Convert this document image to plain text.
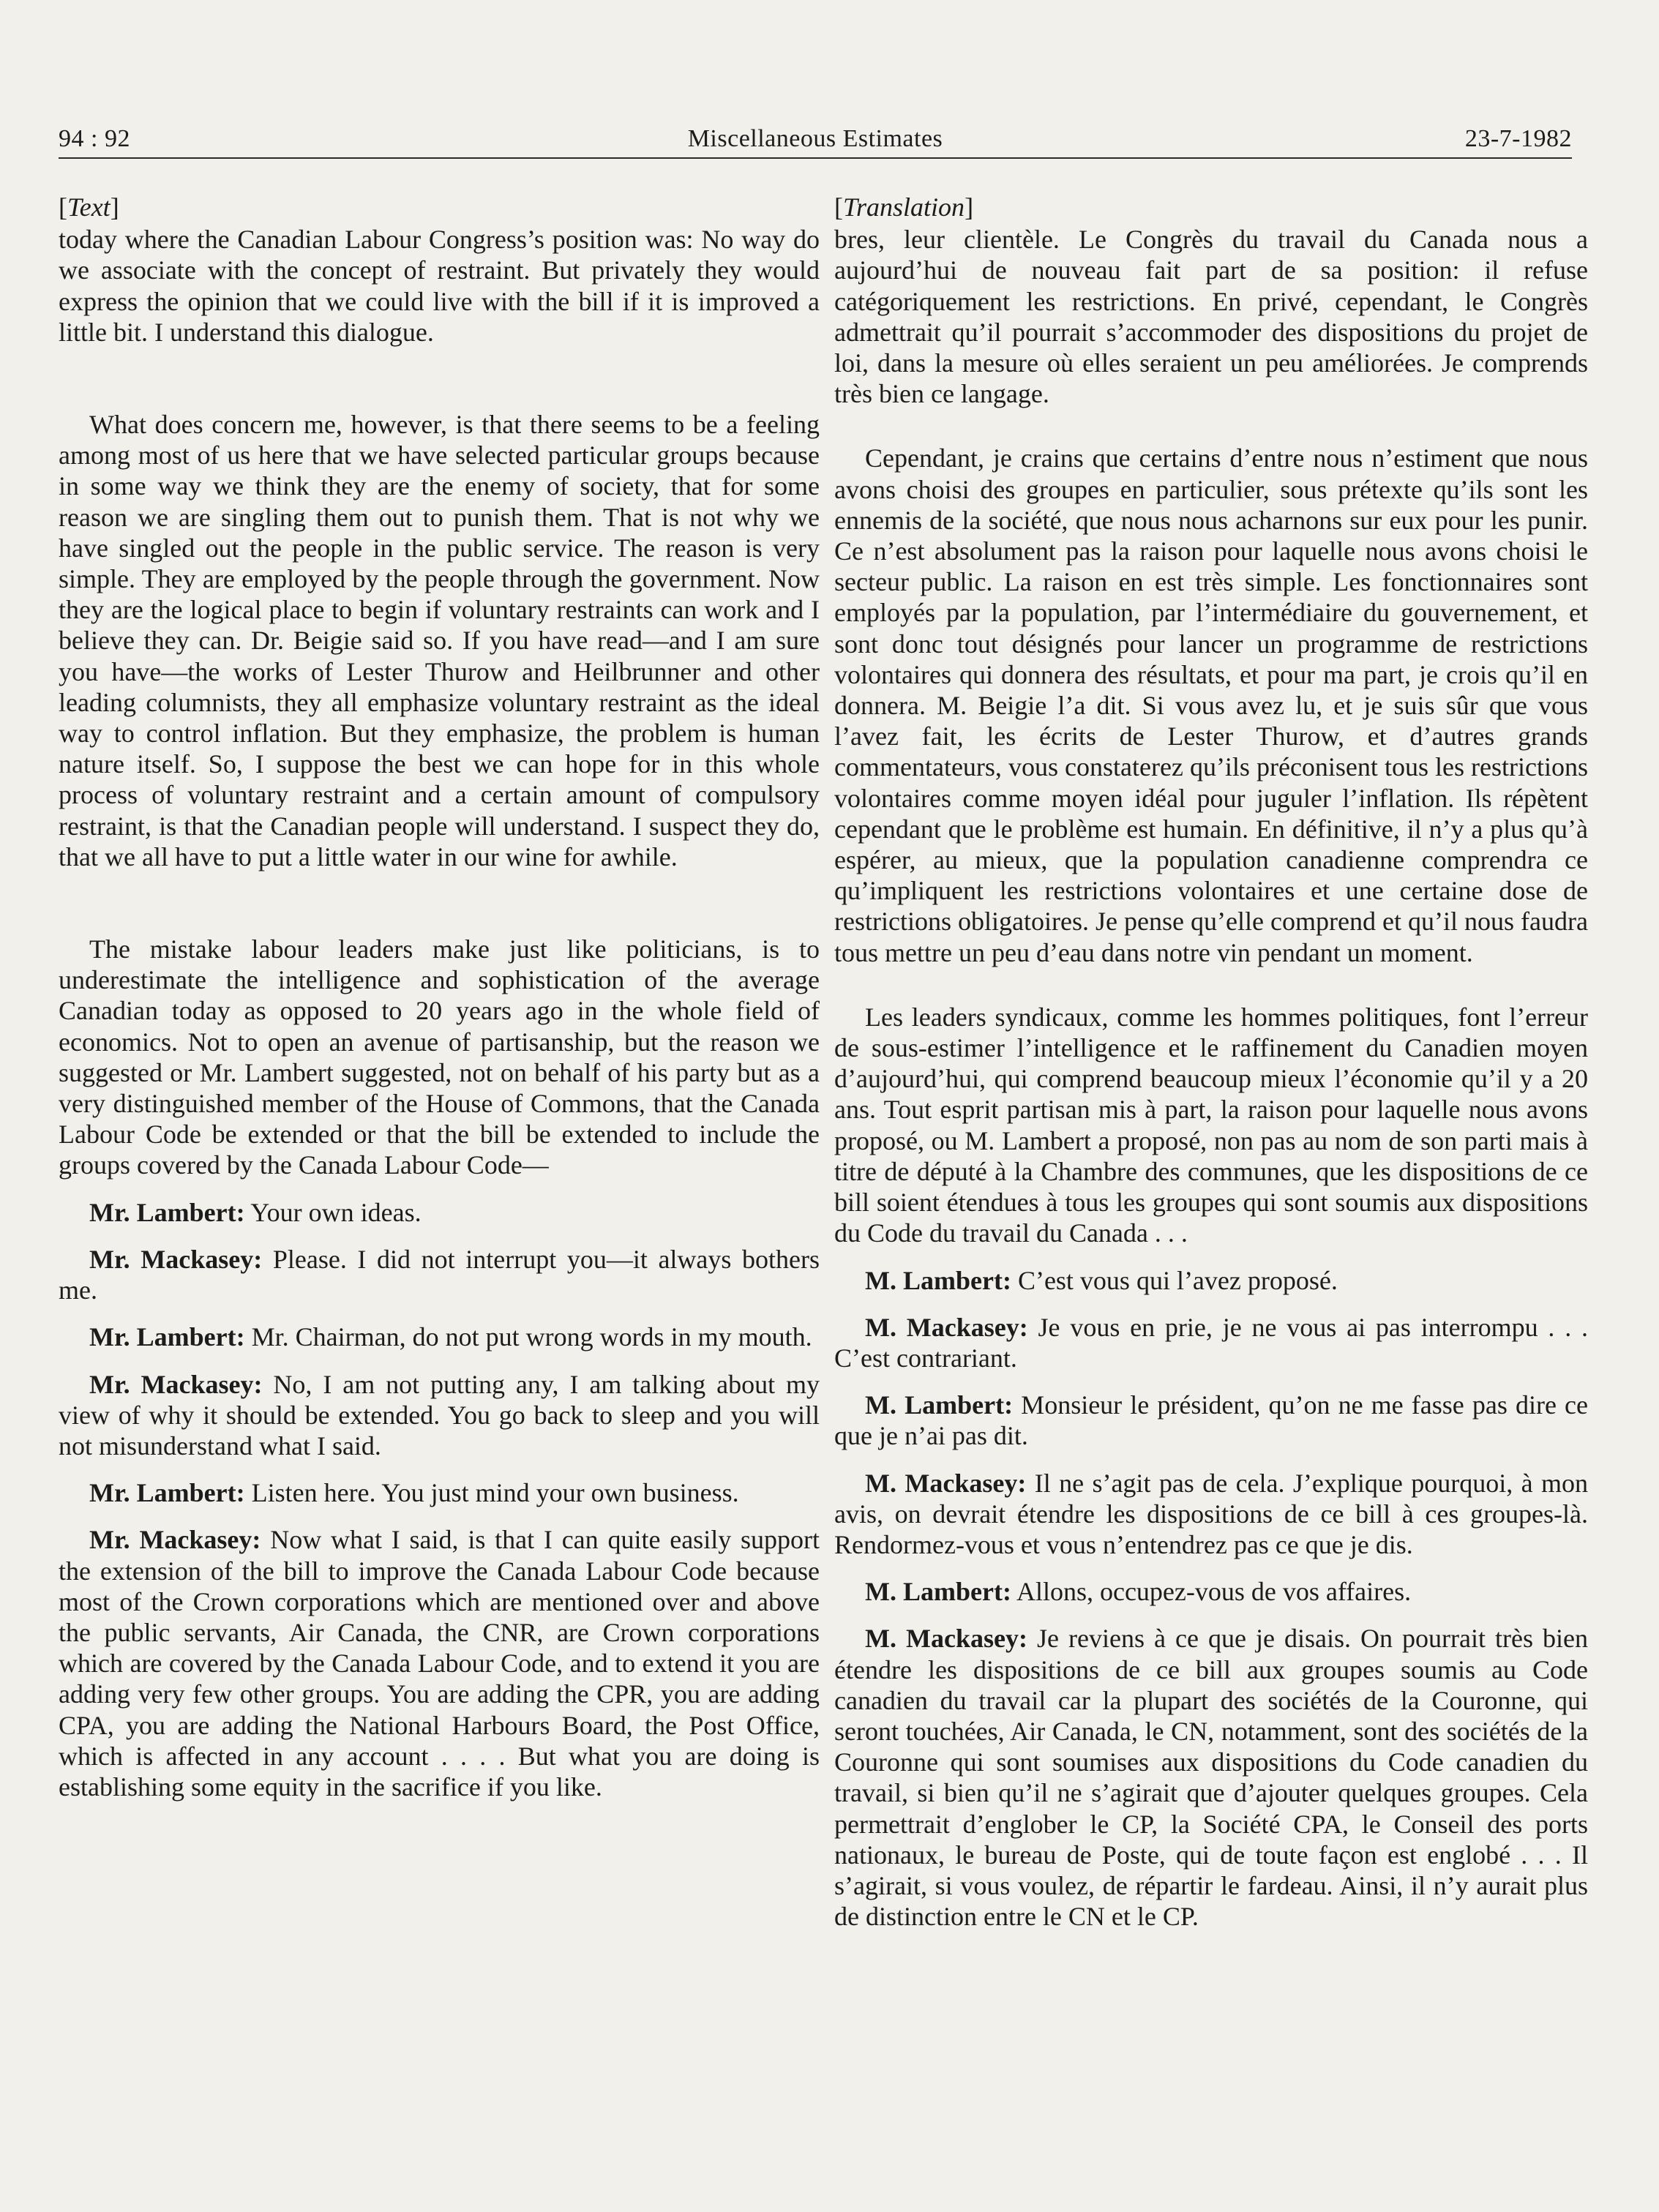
94 : 92	Miscellaneous Estimates	23-7-1982

[Text]

today where the Canadian Labour Congress’s position was: No way do we associate with the concept of restraint. But privately they would express the opinion that we could live with the bill if it is improved a little bit. I understand this dialogue.

What does concern me, however, is that there seems to be a feeling among most of us here that we have selected particular groups because in some way we think they are the enemy of society, that for some reason we are singling them out to punish them. That is not why we have singled out the people in the public service. The reason is very simple. They are employed by the people through the government. Now they are the logical place to begin if voluntary restraints can work and I believe they can. Dr. Beigie said so. If you have read—and I am sure you have—the works of Lester Thurow and Heilbrunner and other leading columnists, they all emphasize voluntary restraint as the ideal way to control inflation. But they emphasize, the problem is human nature itself. So, I suppose the best we can hope for in this whole process of voluntary restraint and a certain amount of compulsory restraint, is that the Canadian people will understand. I suspect they do, that we all have to put a little water in our wine for awhile.

The mistake labour leaders make just like politicians, is to underestimate the intelligence and sophistication of the average Canadian today as opposed to 20 years ago in the whole field of economics. Not to open an avenue of partisanship, but the reason we suggested or Mr. Lambert suggested, not on behalf of his party but as a very distinguished member of the House of Commons, that the Canada Labour Code be extended or that the bill be extended to include the groups covered by the Canada Labour Code—

Mr. Lambert: Your own ideas.

Mr. Mackasey: Please. I did not interrupt you—it always bothers me.

Mr. Lambert: Mr. Chairman, do not put wrong words in my mouth.

Mr. Mackasey: No, I am not putting any, I am talking about my view of why it should be extended. You go back to sleep and you will not misunderstand what I said.

Mr. Lambert: Listen here. You just mind your own business.

Mr. Mackasey: Now what I said, is that I can quite easily support the extension of the bill to improve the Canada Labour Code because most of the Crown corporations which are mentioned over and above the public servants, Air Canada, the CNR, are Crown corporations which are covered by the Canada Labour Code, and to extend it you are adding very few other groups. You are adding the CPR, you are adding CPA, you are adding the National Harbours Board, the Post Office, which is affected in any account . . . . But what you are doing is establishing some equity in the sacrifice if you like.

[Translation]

bres, leur clientèle. Le Congrès du travail du Canada nous a aujourd’hui de nouveau fait part de sa position: il refuse catégoriquement les restrictions. En privé, cependant, le Congrès admettrait qu’il pourrait s’accommoder des dispositions du projet de loi, dans la mesure où elles seraient un peu améliorées. Je comprends très bien ce langage.

Cependant, je crains que certains d’entre nous n’estiment que nous avons choisi des groupes en particulier, sous prétexte qu’ils sont les ennemis de la société, que nous nous acharnons sur eux pour les punir. Ce n’est absolument pas la raison pour laquelle nous avons choisi le secteur public. La raison en est très simple. Les fonctionnaires sont employés par la population, par l’intermédiaire du gouvernement, et sont donc tout désignés pour lancer un programme de restrictions volontaires qui donnera des résultats, et pour ma part, je crois qu’il en donnera. M. Beigie l’a dit. Si vous avez lu, et je suis sûr que vous l’avez fait, les écrits de Lester Thurow, et d’autres grands commentateurs, vous constaterez qu’ils préconisent tous les restrictions volontaires comme moyen idéal pour juguler l’inflation. Ils répètent cependant que le problème est humain. En définitive, il n’y a plus qu’à espérer, au mieux, que la population canadienne comprendra ce qu’impliquent les restrictions volontaires et une certaine dose de restrictions obligatoires. Je pense qu’elle comprend et qu’il nous faudra tous mettre un peu d’eau dans notre vin pendant un moment.

Les leaders syndicaux, comme les hommes politiques, font l’erreur de sous-estimer l’intelligence et le raffinement du Canadien moyen d’aujourd’hui, qui comprend beaucoup mieux l’économie qu’il y a 20 ans. Tout esprit partisan mis à part, la raison pour laquelle nous avons proposé, ou M. Lambert a proposé, non pas au nom de son parti mais à titre de député à la Chambre des communes, que les dispositions de ce bill soient étendues à tous les groupes qui sont soumis aux dispositions du Code du travail du Canada . . .

M. Lambert: C’est vous qui l’avez proposé.

M. Mackasey: Je vous en prie, je ne vous ai pas interrompu . . . C’est contrariant.

M. Lambert: Monsieur le président, qu’on ne me fasse pas dire ce que je n’ai pas dit.

M. Mackasey: Il ne s’agit pas de cela. J’explique pourquoi, à mon avis, on devrait étendre les dispositions de ce bill à ces groupes-là. Rendormez-vous et vous n’entendrez pas ce que je dis.

M. Lambert: Allons, occupez-vous de vos affaires.

M. Mackasey: Je reviens à ce que je disais. On pourrait très bien étendre les dispositions de ce bill aux groupes soumis au Code canadien du travail car la plupart des sociétés de la Couronne, qui seront touchées, Air Canada, le CN, notamment, sont des sociétés de la Couronne qui sont soumises aux dispositions du Code canadien du travail, si bien qu’il ne s’agirait que d’ajouter quelques groupes. Cela permettrait d’englober le CP, la Société CPA, le Conseil des ports nationaux, le bureau de Poste, qui de toute façon est englobé . . . Il s’agirait, si vous voulez, de répartir le fardeau. Ainsi, il n’y aurait plus de distinction entre le CN et le CP.
